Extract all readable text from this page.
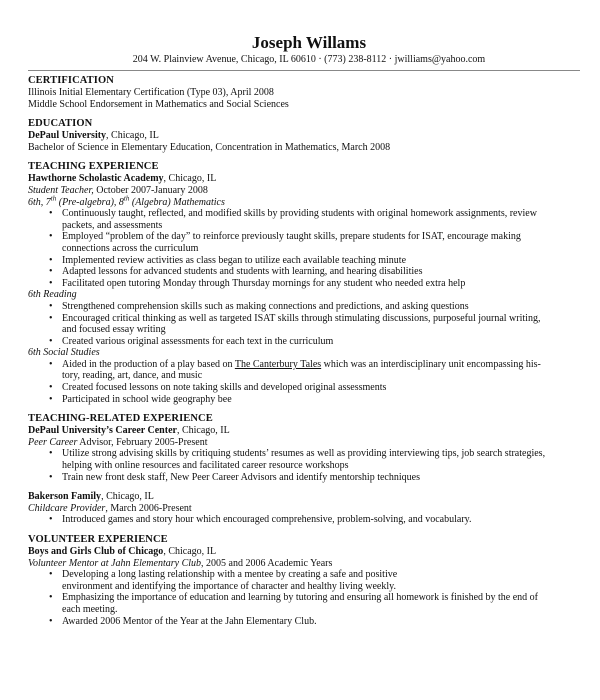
Joseph Willams
204 W. Plainview Avenue, Chicago, IL 60610 · (773) 238-8112 · jwilliams@yahoo.com
CERTIFICATION
Illinois Initial Elementary Certification (Type 03), April 2008
Middle School Endorsement in Mathematics and Social Sciences
EDUCATION
DePaul University, Chicago, IL
Bachelor of Science in Elementary Education, Concentration in Mathematics, March 2008
TEACHING EXPERIENCE
Hawthorne Scholastic Academy, Chicago, IL
Student Teacher, October 2007-January 2008
6th, 7th (Pre-algebra), 8th (Algebra) Mathematics
• Continuously taught, reflected, and modified skills by providing students with original homework assignments, review
packets, and assessments
• Employed “problem of the day” to reinforce previously taught skills, prepare students for ISAT, encourage making
connections across the curriculum
• Implemented review activities as class began to utilize each available teaching minute
• Adapted lessons for advanced students and students with learning, and hearing disabilities
• Facilitated open tutoring Monday through Thursday mornings for any student who needed extra help
6th Reading
• Strengthened comprehension skills such as making connections and predictions, and asking questions
• Encouraged critical thinking as well as targeted ISAT skills through stimulating discussions, purposeful journal writing,
and focused essay writing
• Created various original assessments for each text in the curriculum
6th Social Studies
• Aided in the production of a play based on The Canterbury Tales which was an interdisciplinary unit encompassing his-
tory, reading, art, dance, and music
• Created focused lessons on note taking skills and developed original assessments
• Participated in school wide geography bee
TEACHING-RELATED EXPERIENCE
DePaul University’s Career Center, Chicago, IL
Peer Career Advisor, February 2005-Present
• Utilize strong advising skills by critiquing students’ resumes as well as providing interviewing tips, job search strategies,
helping with online resources and facilitated career resource workshops
• Train new front desk staff, New Peer Career Advisors and identify mentorship techniques
Bakerson Family, Chicago, IL
Childcare Provider, March 2006-Present
• Introduced games and story hour which encouraged comprehensive, problem-solving, and vocabulary.
VOLUNTEER EXPERIENCE
Boys and Girls Club of Chicago, Chicago, IL
Volunteer Mentor at Jahn Elementary Club, 2005 and 2006 Academic Years
• Developing a long lasting relationship with a mentee by creating a safe and positive
environment and identifying the importance of character and healthy living weekly.
• Emphasizing the importance of education and learning by tutoring and ensuring all homework is finished by the end of
each meeting.
• Awarded 2006 Mentor of the Year at the Jahn Elementary Club.
